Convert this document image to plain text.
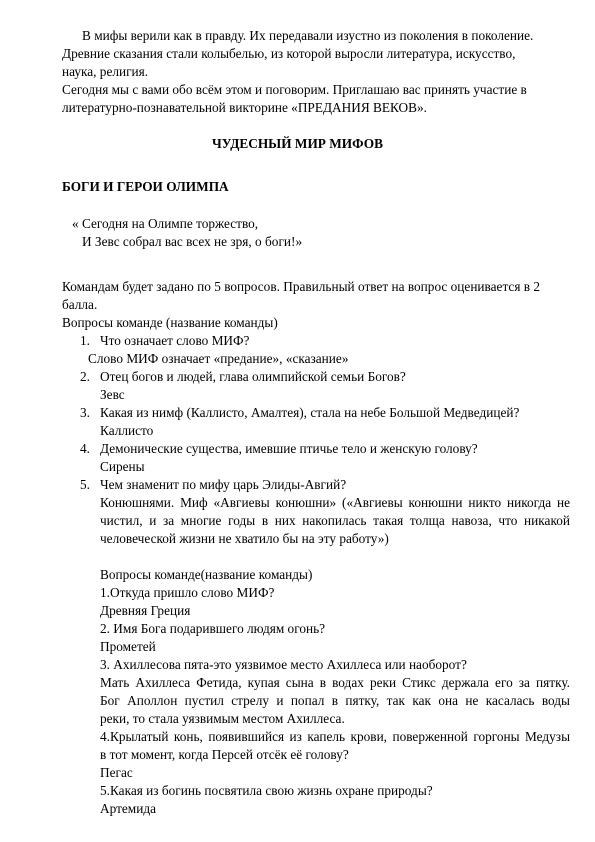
В мифы верили как в правду. Их передавали изустно из поколения в поколение.
Древние сказания стали колыбелью, из которой выросли литература, искусство,
наука, религия.
Сегодня мы с вами обо всём этом и поговорим. Приглашаю вас принять участие в
литературно-познавательной викторине «ПРЕДАНИЯ ВЕКОВ».
ЧУДЕСНЫЙ МИР МИФОВ
БОГИ И ГЕРОИ ОЛИМПА
« Сегодня на Олимпе торжество,
И Зевс собрал вас всех не зря, о боги!»
Командам будет задано по 5 вопросов. Правильный ответ на вопрос оценивается в 2
балла.
Вопросы команде (название команды)
1. Что означает слово МИФ?
Слово МИФ означает «предание», «сказание»
2. Отец богов и людей, глава олимпийской семьи Богов?
Зевс
3. Какая из нимф (Каллисто, Амалтея), стала на небе Большой Медведицей?
Каллисто
4. Демонические существа, имевшие птичье тело и женскую голову?
Сирены
5. Чем знаменит по мифу царь Элиды-Авгий?
Конюшнями. Миф «Авгиевы конюшни» («Авгиевы конюшни никто никогда не
чистил, и за многие годы в них накопилась такая толща навоза, что никакой
человеческой жизни не хватило бы на эту работу»)
Вопросы команде(название команды)
1.Откуда пришло слово МИФ?
Древняя Греция
2. Имя Бога подарившего людям огонь?
Прометей
3. Ахиллесова пята-это уязвимое место Ахиллеса или наоборот?
Мать Ахиллеса Фетида, купая сына в водах реки Стикс держала его за пятку.
Бог Аполлон пустил стрелу и попал в пятку, так как она не касалась воды
реки, то стала уязвимым местом Ахиллеса.
4.Крылатый конь, появившийся из капель крови, поверженной горгоны Медузы
в тот момент, когда Персей отсёк её голову?
Пегас
5.Какая из богинь посвятила свою жизнь охране природы?
Артемида
